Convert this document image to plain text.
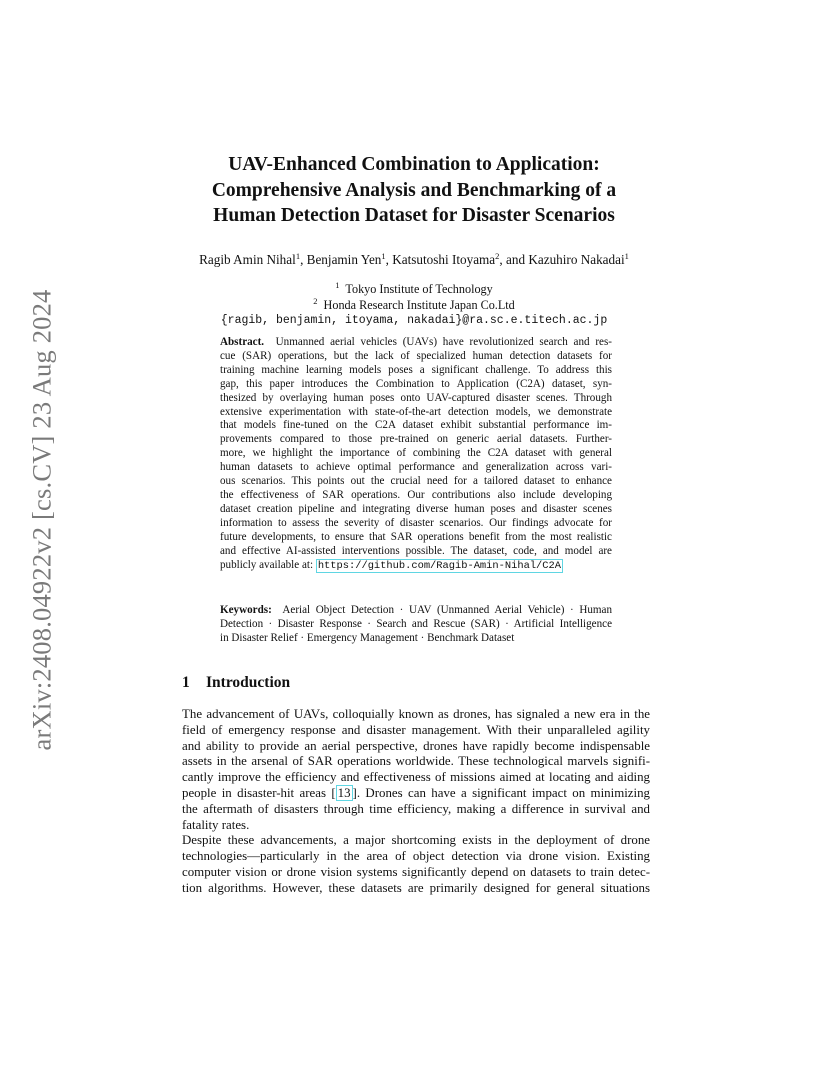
arXiv:2408.04922v2 [cs.CV] 23 Aug 2024
UAV-Enhanced Combination to Application:
Comprehensive Analysis and Benchmarking of a
Human Detection Dataset for Disaster Scenarios
Ragib Amin Nihal$^1$, Benjamin Yen$^1$, Katsutoshi Itoyama$^2$, and Kazuhiro Nakadai$^1$
$^1$ Tokyo Institute of Technology
$^2$ Honda Research Institute Japan Co.Ltd
{ragib, benjamin, itoyama, nakadai}@ra.sc.e.titech.ac.jp
Abstract. Unmanned aerial vehicles (UAVs) have revolutionized search and res-
cue (SAR) operations, but the lack of specialized human detection datasets for
training machine learning models poses a significant challenge. To address this
gap, this paper introduces the Combination to Application (C2A) dataset, syn-
thesized by overlaying human poses onto UAV-captured disaster scenes. Through
extensive experimentation with state-of-the-art detection models, we demonstrate
that models fine-tuned on the C2A dataset exhibit substantial performance im-
provements compared to those pre-trained on generic aerial datasets. Further-
more, we highlight the importance of combining the C2A dataset with general
human datasets to achieve optimal performance and generalization across vari-
ous scenarios. This points out the crucial need for a tailored dataset to enhance
the effectiveness of SAR operations. Our contributions also include developing
dataset creation pipeline and integrating diverse human poses and disaster scenes
information to assess the severity of disaster scenarios. Our findings advocate for
future developments, to ensure that SAR operations benefit from the most realistic
and effective AI-assisted interventions possible. The dataset, code, and model are
publicly available at: https://github.com/Ragib-Amin-Nihal/C2A
Keywords: Aerial Object Detection · UAV (Unmanned Aerial Vehicle) · Human
Detection · Disaster Response · Search and Rescue (SAR) · Artificial Intelligence
in Disaster Relief · Emergency Management · Benchmark Dataset
1 Introduction
The advancement of UAVs, colloquially known as drones, has signaled a new era in the
field of emergency response and disaster management. With their unparalleled agility
and ability to provide an aerial perspective, drones have rapidly become indispensable
assets in the arsenal of SAR operations worldwide. These technological marvels signifi-
cantly improve the efficiency and effectiveness of missions aimed at locating and aiding
people in disaster-hit areas [ 13 ]. Drones can have a significant impact on minimizing
the aftermath of disasters through time efficiency, making a difference in survival and
fatality rates.
Despite these advancements, a major shortcoming exists in the deployment of drone
technologies—particularly in the area of object detection via drone vision. Existing
computer vision or drone vision systems significantly depend on datasets to train detec-
tion algorithms. However, these datasets are primarily designed for general situations
